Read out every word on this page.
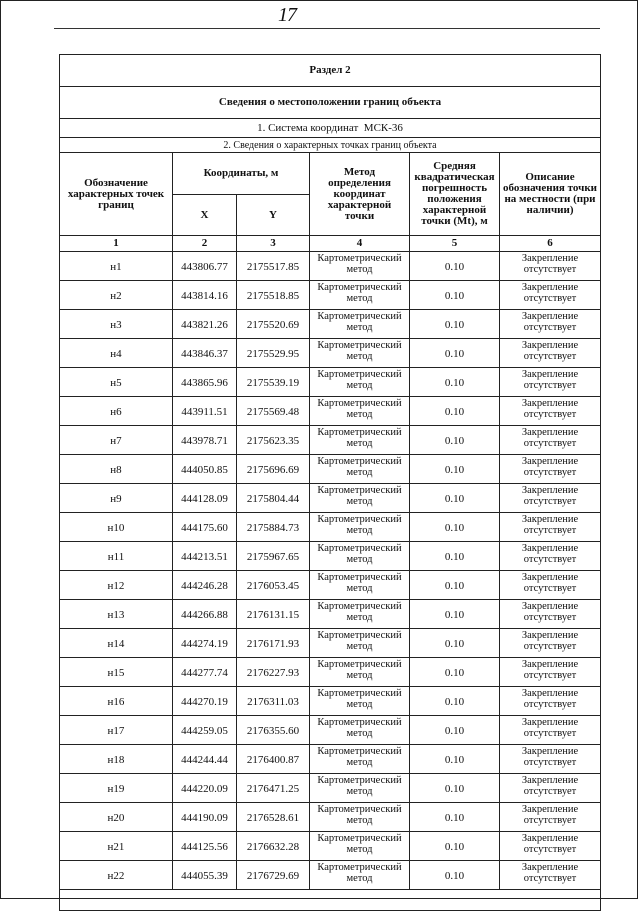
17
Раздел 2					
Сведения о местоположении границ объекта					
1. Система координат МСК-36					
2. Сведения о характерных точках границ объекта					
Обозначение характерных точек границ	Координаты, м		Метод определения координат характерной точки	Средняя квадратическая погрешность положения характерной точки (Mt), м	Описание обозначения точки на местности (при наличии)
	X	Y			
1	2	3	4	5	6
н1	443806.77	2175517.85	Картометрический метод	0.10	Закрепление отсутствует
н2	443814.16	2175518.85	Картометрический метод	0.10	Закрепление отсутствует
н3	443821.26	2175520.69	Картометрический метод	0.10	Закрепление отсутствует
н4	443846.37	2175529.95	Картометрический метод	0.10	Закрепление отсутствует
н5	443865.96	2175539.19	Картометрический метод	0.10	Закрепление отсутствует
н6	443911.51	2175569.48	Картометрический метод	0.10	Закрепление отсутствует
н7	443978.71	2175623.35	Картометрический метод	0.10	Закрепление отсутствует
н8	444050.85	2175696.69	Картометрический метод	0.10	Закрепление отсутствует
н9	444128.09	2175804.44	Картометрический метод	0.10	Закрепление отсутствует
н10	444175.60	2175884.73	Картометрический метод	0.10	Закрепление отсутствует
н11	444213.51	2175967.65	Картометрический метод	0.10	Закрепление отсутствует
н12	444246.28	2176053.45	Картометрический метод	0.10	Закрепление отсутствует
н13	444266.88	2176131.15	Картометрический метод	0.10	Закрепление отсутствует
н14	444274.19	2176171.93	Картометрический метод	0.10	Закрепление отсутствует
н15	444277.74	2176227.93	Картометрический метод	0.10	Закрепление отсутствует
н16	444270.19	2176311.03	Картометрический метод	0.10	Закрепление отсутствует
н17	444259.05	2176355.60	Картометрический метод	0.10	Закрепление отсутствует
н18	444244.44	2176400.87	Картометрический метод	0.10	Закрепление отсутствует
н19	444220.09	2176471.25	Картометрический метод	0.10	Закрепление отсутствует
н20	444190.09	2176528.61	Картометрический метод	0.10	Закрепление отсутствует
н21	444125.56	2176632.28	Картометрический метод	0.10	Закрепление отсутствует
н22	444055.39	2176729.69	Картометрический метод	0.10	Закрепление отсутствует
